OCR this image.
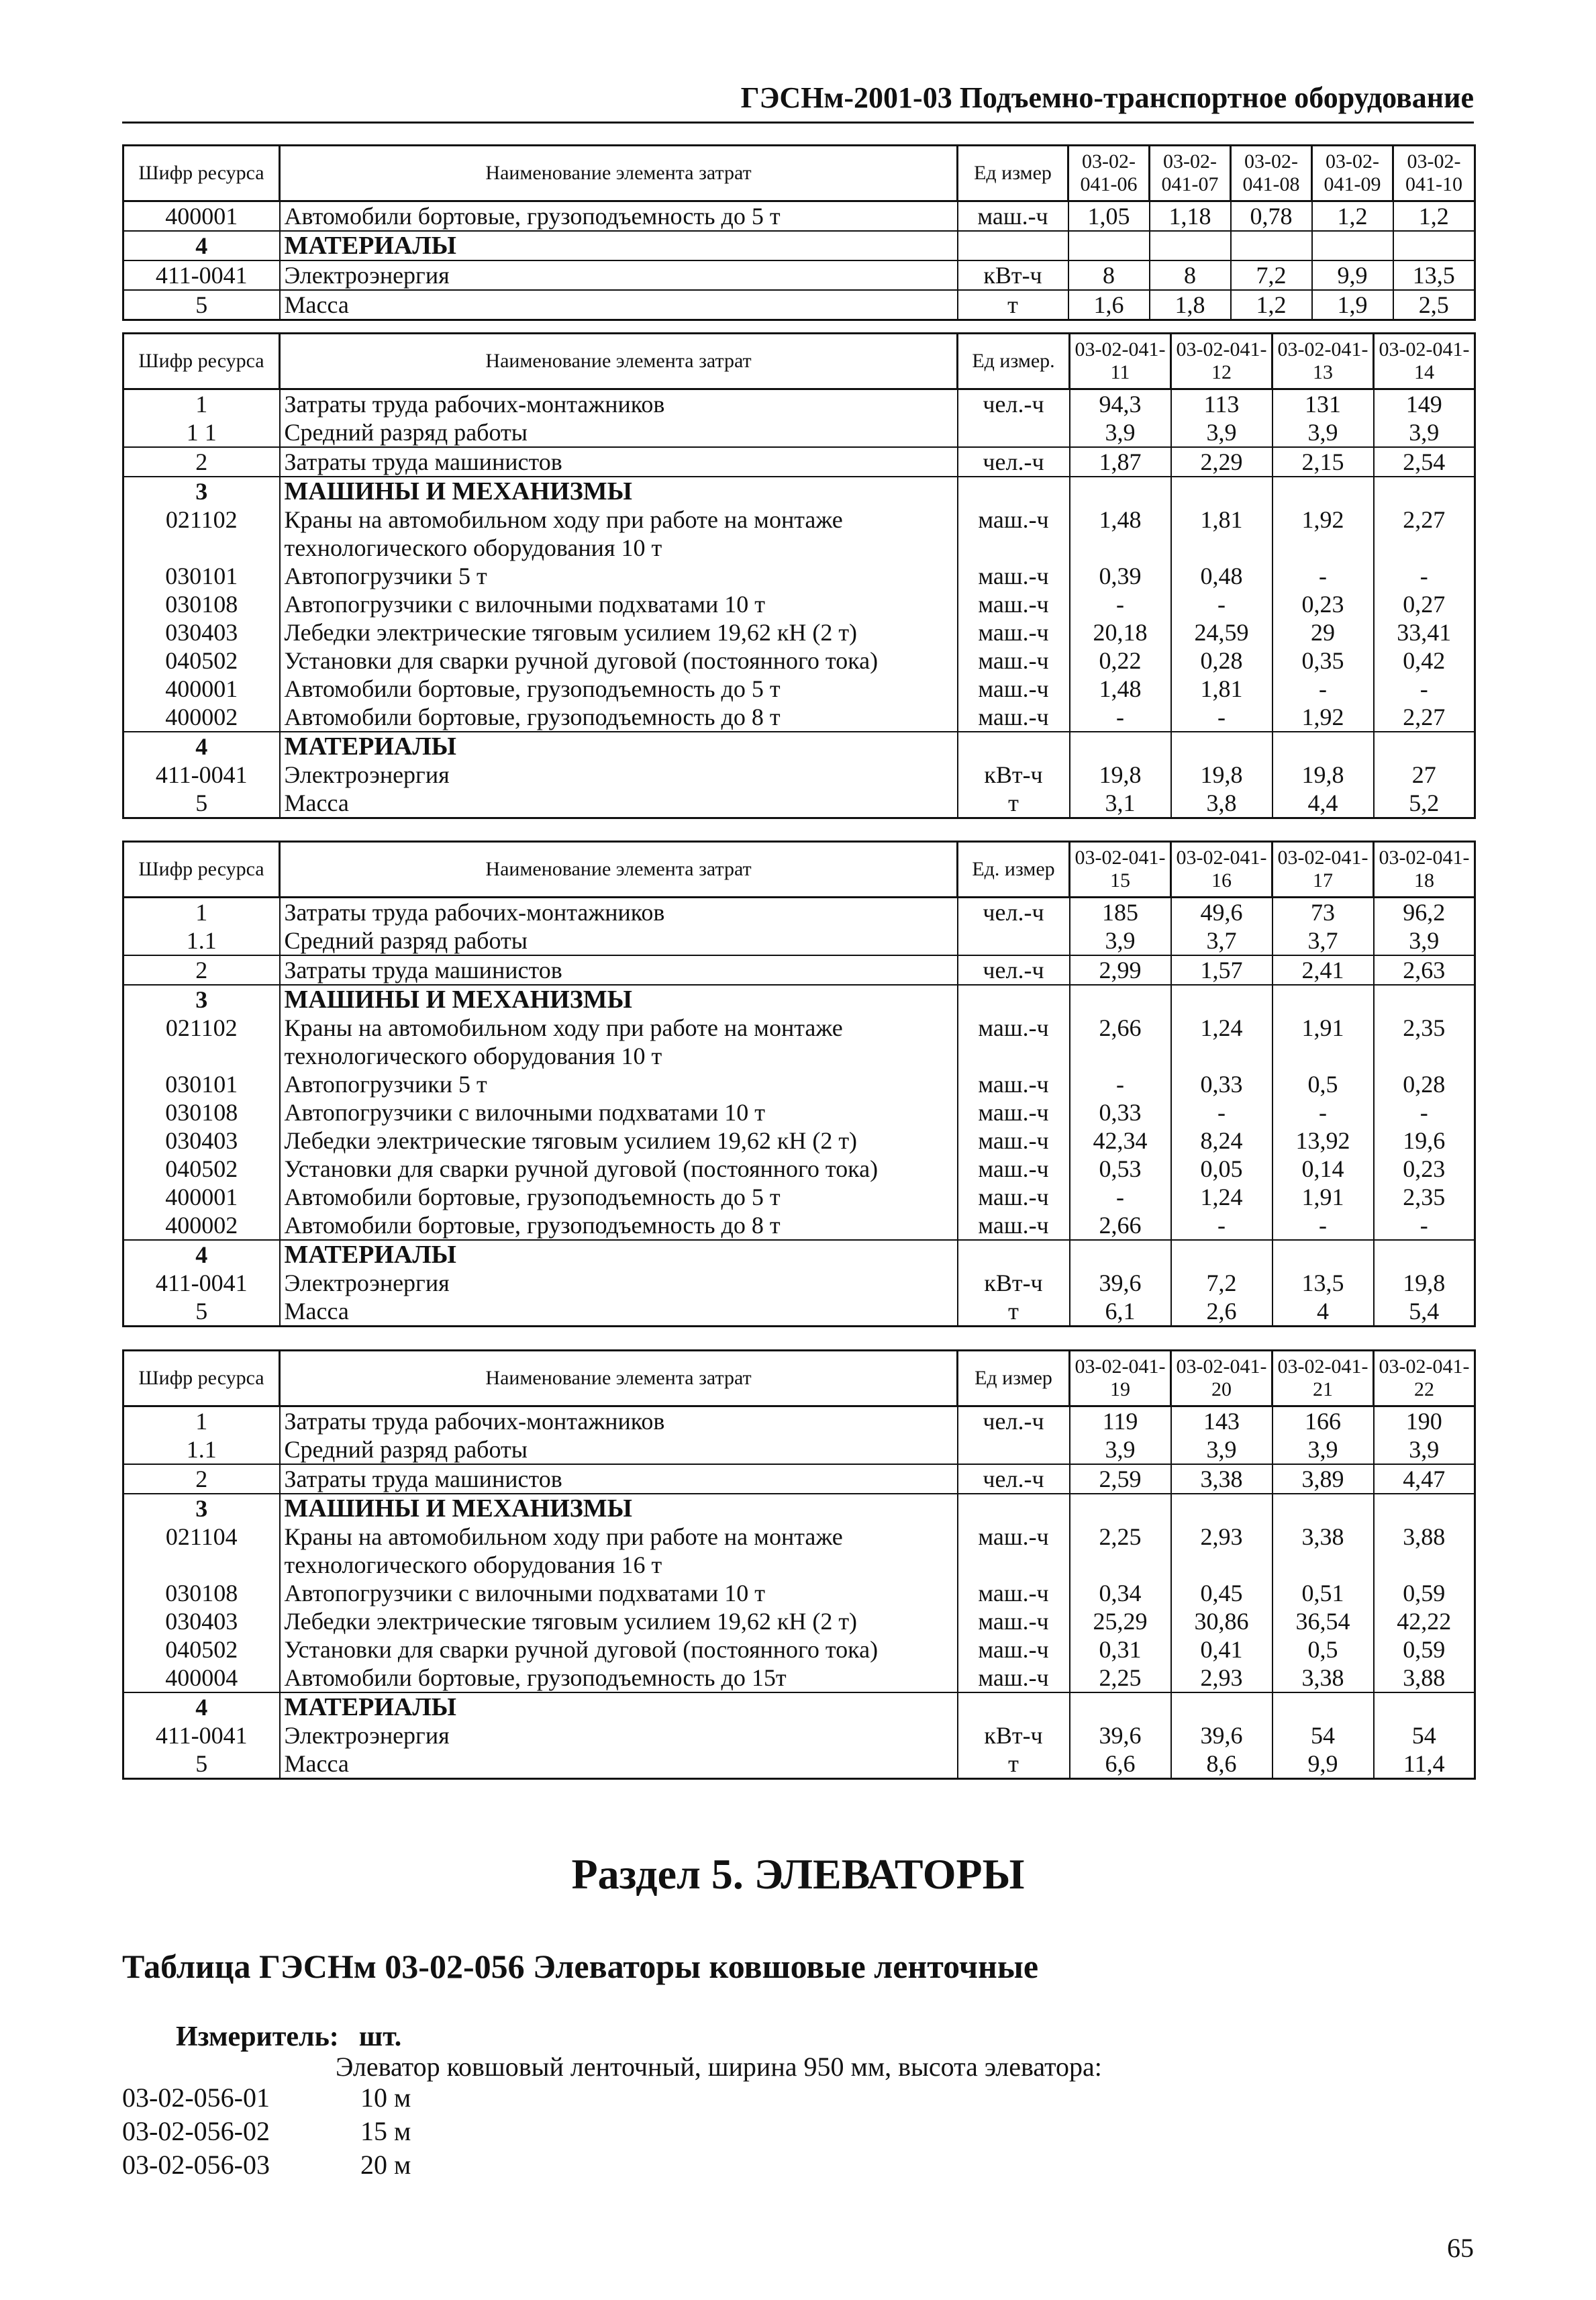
ГЭСНм-2001-03 Подъемно-транспортное оборудование
Шифр ресурса	Наименование элемента затрат	Ед измер	03-02-041-06	03-02-041-07	03-02-041-08	03-02-041-09	03-02-041-10
400001	Автомобили бортовые, грузоподъемность до 5 т	маш.-ч	1,05	1,18	0,78	1,2	1,2
4	МАТЕРИАЛЫ						
411-0041	Электроэнергия	кВт-ч	8	8	7,2	9,9	13,5
5	Масса	т	1,6	1,8	1,2	1,9	2,5
Шифр ресурса	Наименование элемента затрат	Ед измер.	03-02-041-11	03-02-041-12	03-02-041-13	03-02-041-14
1	Затраты труда рабочих-монтажников	чел.-ч	94,3	113	131	149
1 1	Средний разряд работы		3,9	3,9	3,9	3,9
2	Затраты труда машинистов	чел.-ч	1,87	2,29	2,15	2,54
3	МАШИНЫ И МЕХАНИЗМЫ					
021102	Краны на автомобильном ходу при работе на монтаже технологического оборудования 10 т	маш.-ч	1,48	1,81	1,92	2,27
030101	Автопогрузчики 5 т	маш.-ч	0,39	0,48	-	-
030108	Автопогрузчики с вилочными подхватами 10 т	маш.-ч	-	-	0,23	0,27
030403	Лебедки электрические тяговым усилием 19,62 кН (2 т)	маш.-ч	20,18	24,59	29	33,41
040502	Установки для сварки ручной дуговой (постоянного тока)	маш.-ч	0,22	0,28	0,35	0,42
400001	Автомобили бортовые, грузоподъемность до 5 т	маш.-ч	1,48	1,81	-	-
400002	Автомобили бортовые, грузоподъемность до 8 т	маш.-ч	-	-	1,92	2,27
4	МАТЕРИАЛЫ					
411-0041	Электроэнергия	кВт-ч	19,8	19,8	19,8	27
5	Масса	т	3,1	3,8	4,4	5,2
Шифр ресурса	Наименование элемента затрат	Ед. измер	03-02-041-15	03-02-041-16	03-02-041-17	03-02-041-18
1	Затраты труда рабочих-монтажников	чел.-ч	185	49,6	73	96,2
1.1	Средний разряд работы		3,9	3,7	3,7	3,9
2	Затраты труда машинистов	чел.-ч	2,99	1,57	2,41	2,63
3	МАШИНЫ И МЕХАНИЗМЫ					
021102	Краны на автомобильном ходу при работе на монтаже технологического оборудования 10 т	маш.-ч	2,66	1,24	1,91	2,35
030101	Автопогрузчики 5 т	маш.-ч	-	0,33	0,5	0,28
030108	Автопогрузчики с вилочными подхватами 10 т	маш.-ч	0,33	-	-	-
030403	Лебедки электрические тяговым усилием 19,62 кН (2 т)	маш.-ч	42,34	8,24	13,92	19,6
040502	Установки для сварки ручной дуговой (постоянного тока)	маш.-ч	0,53	0,05	0,14	0,23
400001	Автомобили бортовые, грузоподъемность до 5 т	маш.-ч	-	1,24	1,91	2,35
400002	Автомобили бортовые, грузоподъемность до 8 т	маш.-ч	2,66	-	-	-
4	МАТЕРИАЛЫ					
411-0041	Электроэнергия	кВт-ч	39,6	7,2	13,5	19,8
5	Масса	т	6,1	2,6	4	5,4
Шифр ресурса	Наименование элемента затрат	Ед измер	03-02-041-19	03-02-041-20	03-02-041-21	03-02-041-22
1	Затраты труда рабочих-монтажников	чел.-ч	119	143	166	190
1.1	Средний разряд работы		3,9	3,9	3,9	3,9
2	Затраты труда машинистов	чел.-ч	2,59	3,38	3,89	4,47
3	МАШИНЫ И МЕХАНИЗМЫ					
021104	Краны на автомобильном ходу при работе на монтаже технологического оборудования 16 т	маш.-ч	2,25	2,93	3,38	3,88
030108	Автопогрузчики с вилочными подхватами 10 т	маш.-ч	0,34	0,45	0,51	0,59
030403	Лебедки электрические тяговым усилием 19,62 кН (2 т)	маш.-ч	25,29	30,86	36,54	42,22
040502	Установки для сварки ручной дуговой (постоянного тока)	маш.-ч	0,31	0,41	0,5	0,59
400004	Автомобили бортовые, грузоподъемность до 15т	маш.-ч	2,25	2,93	3,38	3,88
4	МАТЕРИАЛЫ					
411-0041	Электроэнергия	кВт-ч	39,6	39,6	54	54
5	Масса	т	6,6	8,6	9,9	11,4
Раздел 5. ЭЛЕВАТОРЫ
Таблица ГЭСНм 03-02-056 Элеваторы ковшовые ленточные
Измеритель: шт.
Элеватор ковшовый ленточный, ширина 950 мм, высота элеватора:
03-02-056-01	10 м
03-02-056-02	15 м
03-02-056-03	20 м
65
